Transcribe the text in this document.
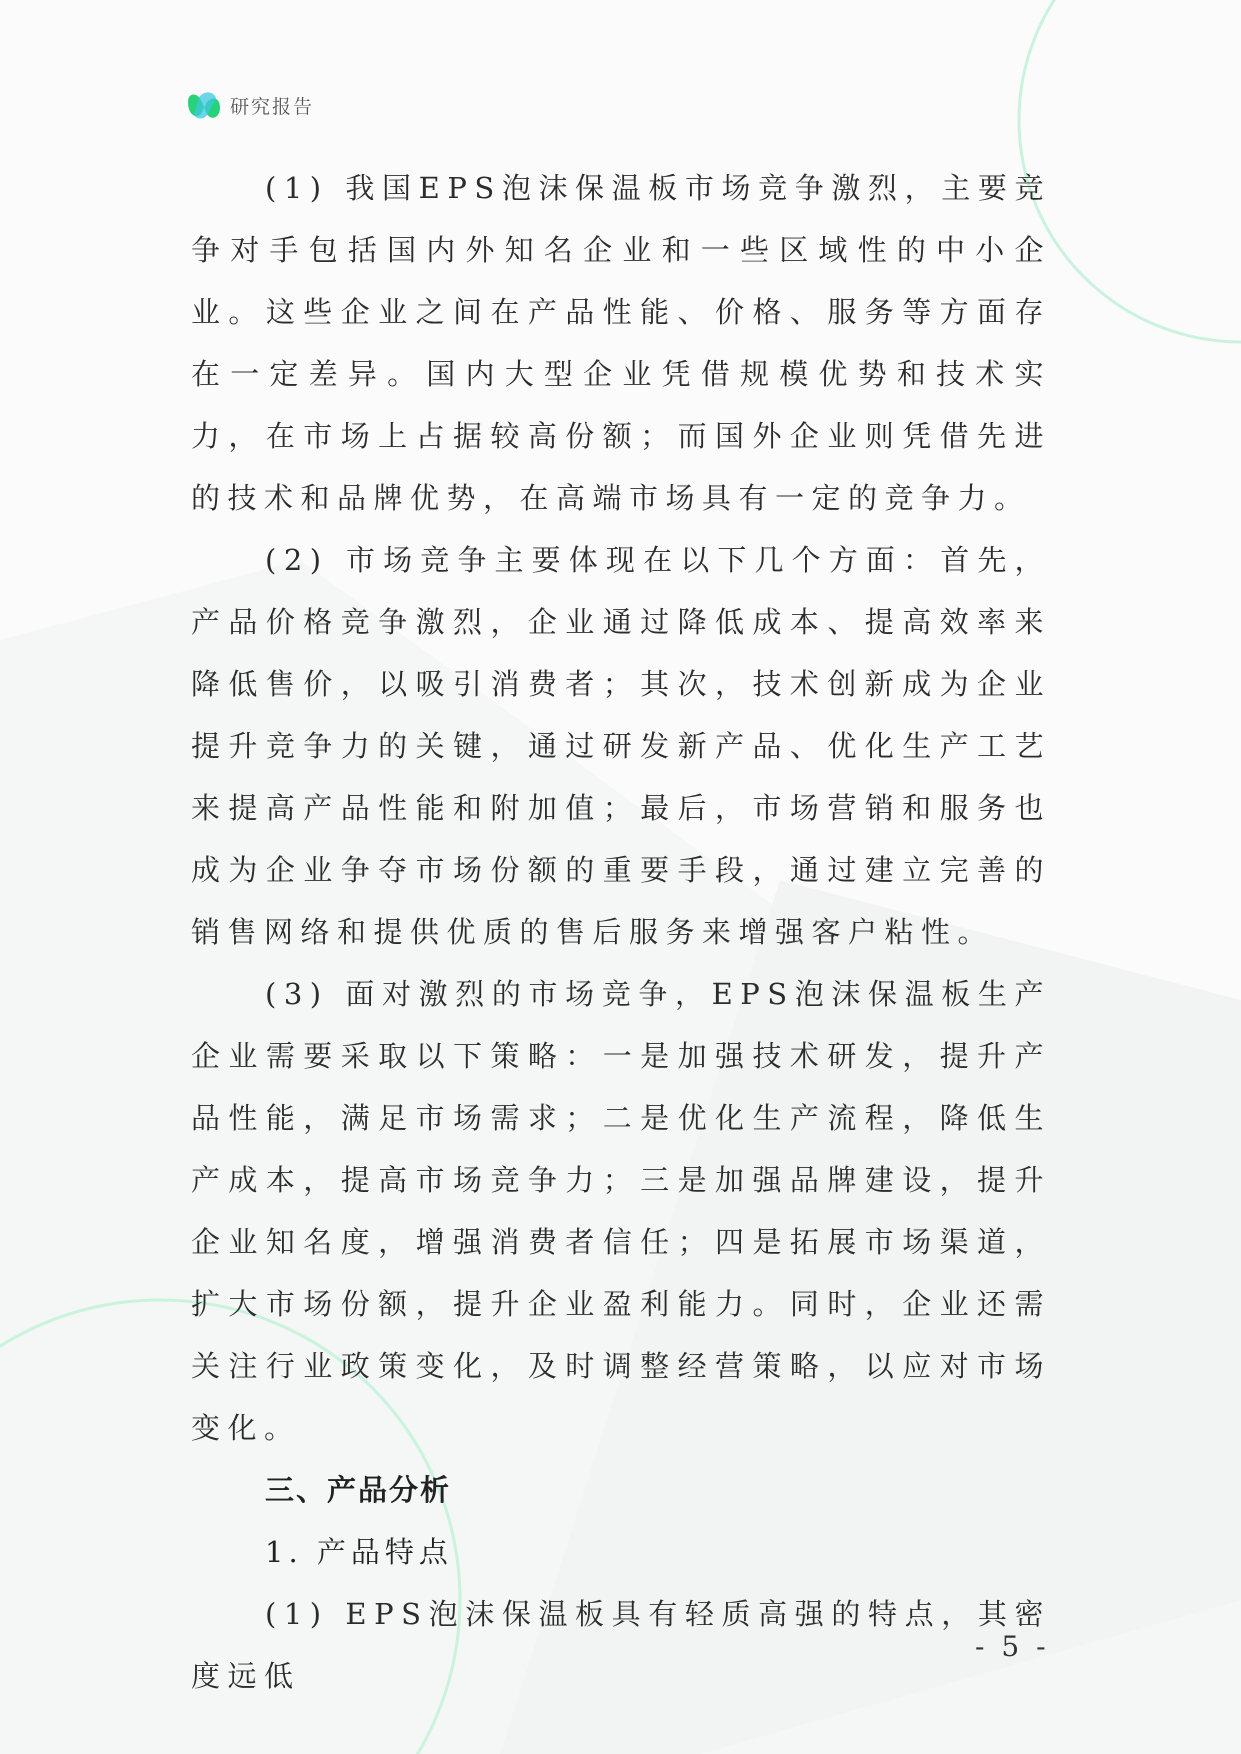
研究报告

(1) 我国EPS泡沫保温板市场竞争激烈，主要竞争对手包括国内外知名企业和一些区域性的中小企业。这些企业之间在产品性能、价格、服务等方面存在一定差异。国内大型企业凭借规模优势和技术实力，在市场上占据较高份额；而国外企业则凭借先进的技术和品牌优势，在高端市场具有一定的竞争力。

(2) 市场竞争主要体现在以下几个方面：首先，产品价格竞争激烈，企业通过降低成本、提高效率来降低售价，以吸引消费者；其次，技术创新成为企业提升竞争力的关键，通过研发新产品、优化生产工艺来提高产品性能和附加值；最后，市场营销和服务也成为企业争夺市场份额的重要手段，通过建立完善的销售网络和提供优质的售后服务来增强客户粘性。

(3) 面对激烈的市场竞争，EPS泡沫保温板生产企业需要采取以下策略：一是加强技术研发，提升产品性能，满足市场需求；二是优化生产流程，降低生产成本，提高市场竞争力；三是加强品牌建设，提升企业知名度，增强消费者信任；四是拓展市场渠道，扩大市场份额，提升企业盈利能力。同时，企业还需关注行业政策变化，及时调整经营策略，以应对市场变化。

三、产品分析
1. 产品特点

(1) EPS泡沫保温板具有轻质高强的特点，其密度远低

- 5 -
